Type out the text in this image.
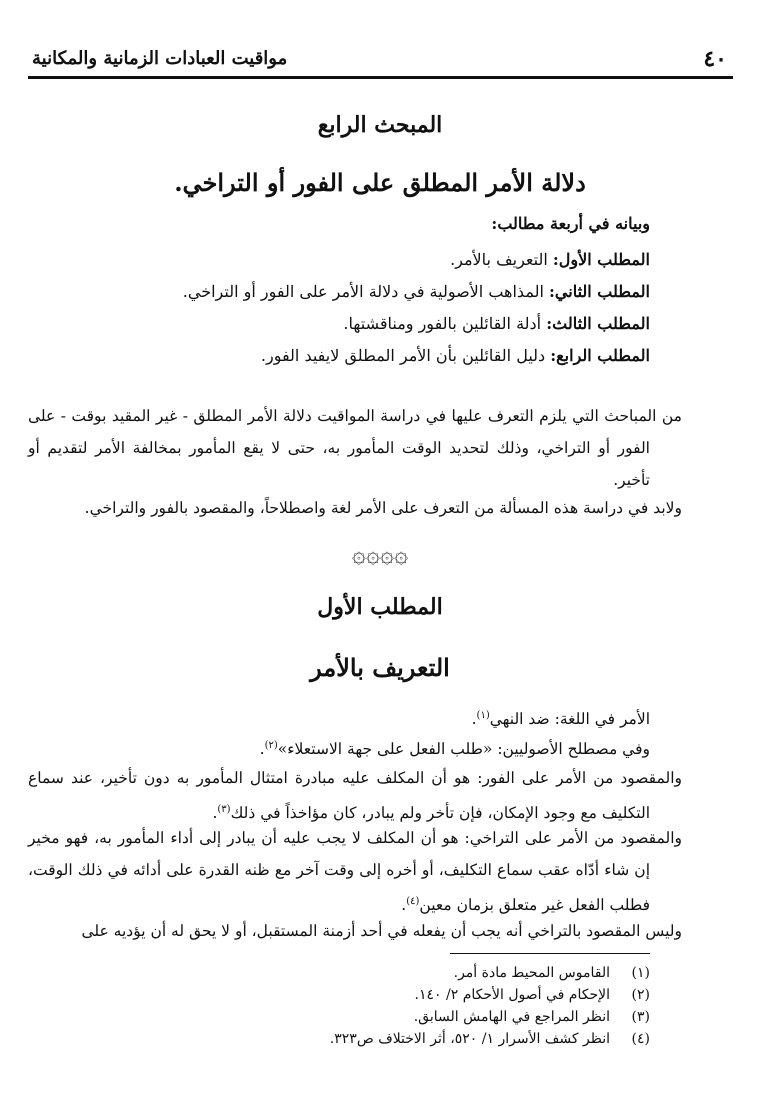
٤٠
مواقيت العبادات الزمانية والمكانية
المبحث الرابع
دلالة الأمر المطلق على الفور أو التراخي.
وبيانه في أربعة مطالب:
المطلب الأول: التعريف بالأمر.
المطلب الثاني: المذاهب الأصولية في دلالة الأمر على الفور أو التراخي.
المطلب الثالث: أدلة القائلين بالفور ومناقشتها.
المطلب الرابع: دليل القائلين بأن الأمر المطلق لايفيد الفور.

من المباحث التي يلزم التعرف عليها في دراسة المواقيت دلالة الأمر المطلق - غير المقيد بوقت - على الفور أو التراخي، وذلك لتحديد الوقت المأمور به، حتى لا يقع المأمور بمخالفة الأمر لتقديم أو تأخير.

ولابد في دراسة هذه المسألة من التعرف على الأمر لغة واصطلاحاً، والمقصود بالفور والتراخي.

۞۞۞۞
المطلب الأول
التعريف بالأمر

الأمر في اللغة: ضد النهي$^{(١)}$.

وفي مصطلح الأصوليين: «طلب الفعل على جهة الاستعلاء»$^{(٢)}$.

والمقصود من الأمر على الفور: هو أن المكلف عليه مبادرة امتثال المأمور به دون تأخير، عند سماع التكليف مع وجود الإمكان، فإن تأخر ولم يبادر، كان مؤاخذاً في ذلك$^{(٣)}$.

والمقصود من الأمر على التراخي: هو أن المكلف لا يجب عليه أن يبادر إلى أداء المأمور به، فهو مخير إن شاء أدّاه عقب سماع التكليف، أو أخره إلى وقت آخر مع ظنه القدرة على أدائه في ذلك الوقت، فطلب الفعل غير متعلق بزمان معين$^{(٤)}$.

وليس المقصود بالتراخي أنه يجب أن يفعله في أحد أزمنة المستقبل، أو لا يحق له أن يؤديه على

(١)القاموس المحيط مادة أمر.
(٢)الإحكام في أصول الأحكام ٢/ ١٤٠.
(٣)انظر المراجع في الهامش السابق.
(٤)انظر كشف الأسرار ١/ ٥٢٠، أثر الاختلاف ص٣٢٣.
